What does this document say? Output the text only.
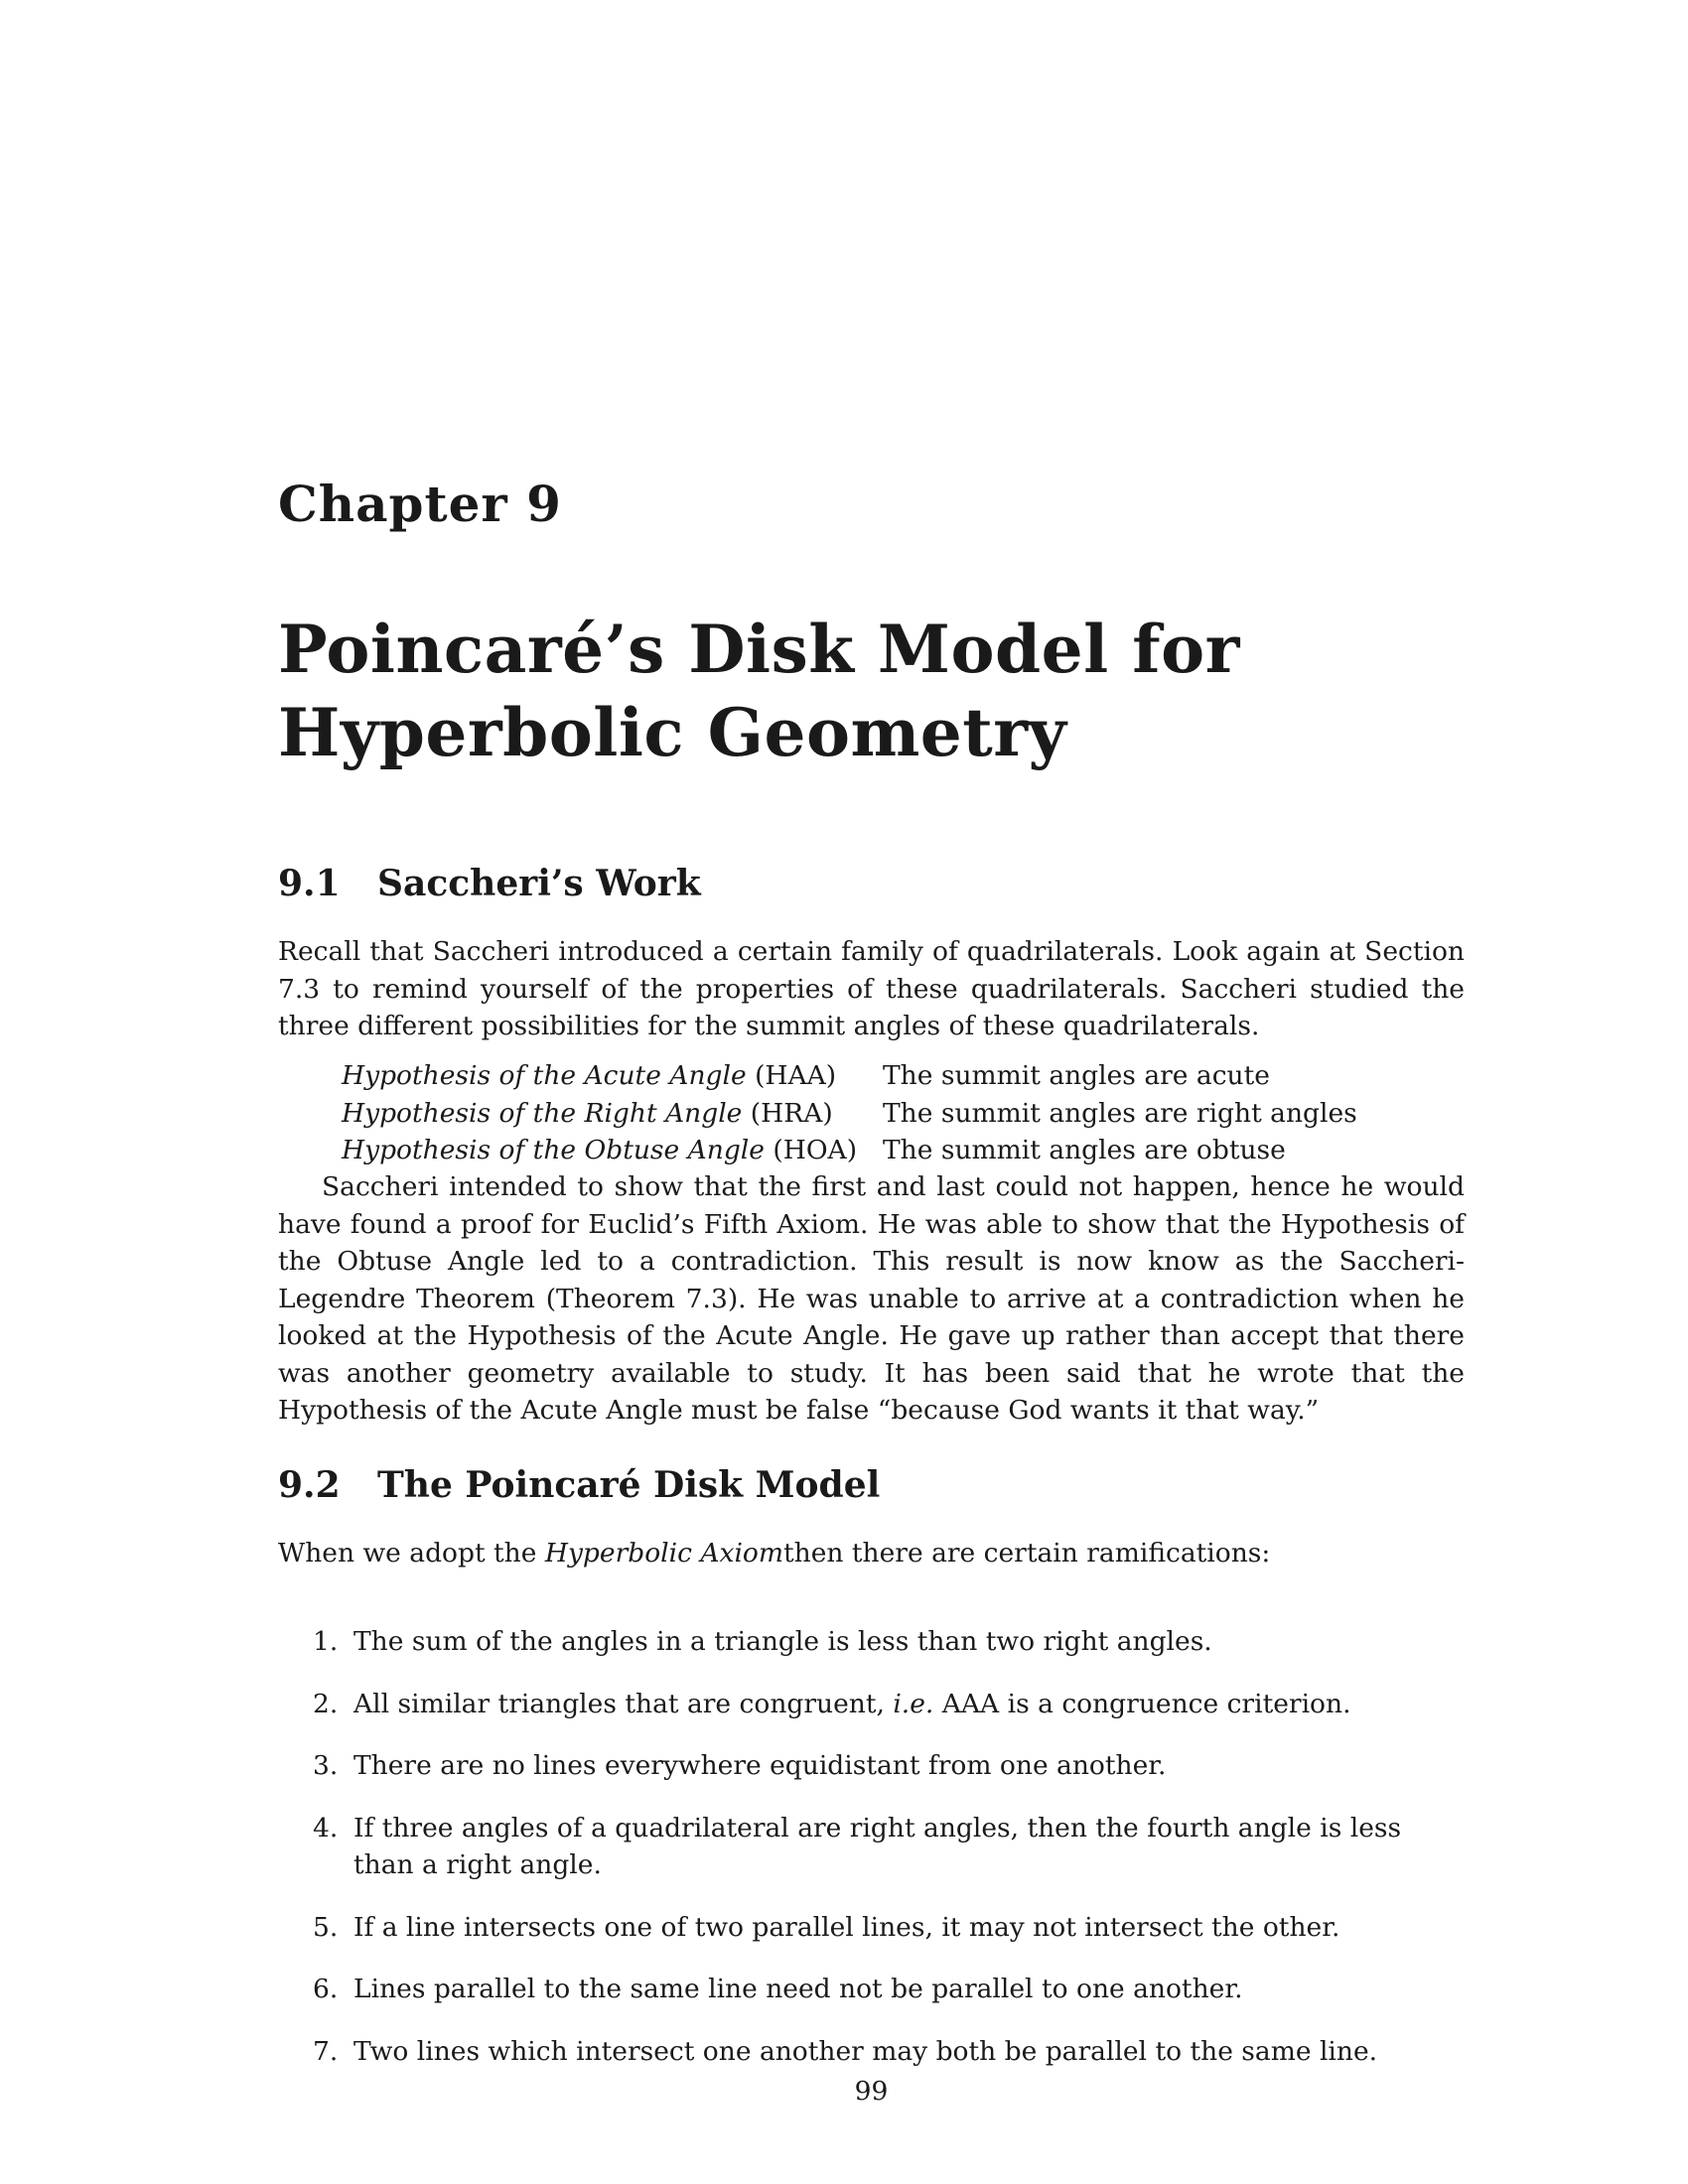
Chapter 9
Poincaré’s Disk Model for
Hyperbolic Geometry
9.1 Saccheri’s Work

Recall that Saccheri introduced a certain family of quadrilaterals. Look again at Section 7.3 to remind yourself of the properties of these quadrilaterals. Saccheri studied the three different possibilities for the summit angles of these quadrilaterals.

Hypothesis of the Acute Angle (HAA)	The summit angles are acute
Hypothesis of the Right Angle (HRA)	The summit angles are right angles
Hypothesis of the Obtuse Angle (HOA)	The summit angles are obtuse

Saccheri intended to show that the first and last could not happen, hence he would have found a proof for Euclid’s Fifth Axiom. He was able to show that the Hypothesis of the Obtuse Angle led to a contradiction. This result is now know as the Saccheri-Legendre Theorem (Theorem 7.3). He was unable to arrive at a contradiction when he looked at the Hypothesis of the Acute Angle. He gave up rather than accept that there was another geometry available to study. It has been said that he wrote that the Hypothesis of the Acute Angle must be false “because God wants it that way.”

9.2 The Poincaré Disk Model

When we adopt the Hyperbolic Axiomthen there are certain ramifications:

1. The sum of the angles in a triangle is less than two right angles.
2. All similar triangles that are congruent, i.e. AAA is a congruence criterion.
3. There are no lines everywhere equidistant from one another.
4. If three angles of a quadrilateral are right angles, then the fourth angle is less than a right angle.
5. If a line intersects one of two parallel lines, it may not intersect the other.
6. Lines parallel to the same line need not be parallel to one another.
7. Two lines which intersect one another may both be parallel to the same line.
99
